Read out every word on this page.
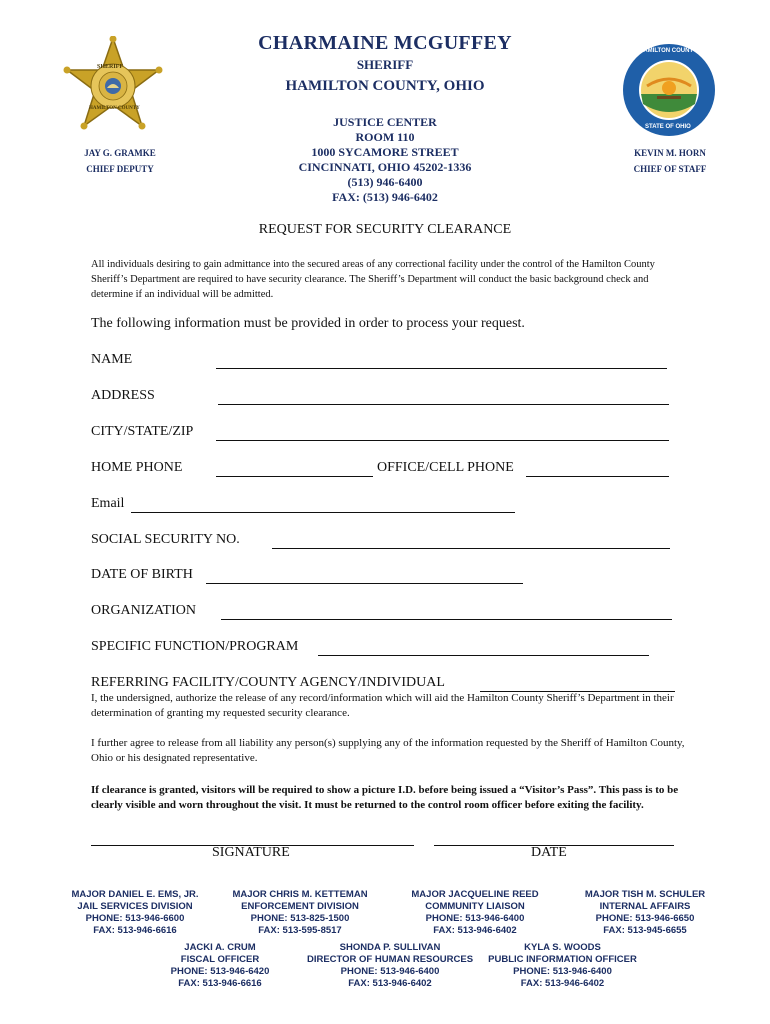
SHERIFF
HAMILTON COUNTY
HAMILTON COUNTY
STATE OF OHIO
CHARMAINE MCGUFFEY
SHERIFF
HAMILTON COUNTY, OHIO
JUSTICE CENTER
ROOM 110
1000 SYCAMORE STREET
CINCINNATI, OHIO 45202-1336
(513) 946-6400
FAX: (513) 946-6402
JAY G. GRAMKE
CHIEF DEPUTY
KEVIN M. HORN
CHIEF OF STAFF
REQUEST FOR SECURITY CLEARANCE
All individuals desiring to gain admittance into the secured areas of any correctional facility under the control of the Hamilton County Sheriff’s Department are required to have security clearance. The Sheriff’s Department will conduct the basic background check and determine if an individual will be admitted.
The following information must be provided in order to process your request.
NAME
ADDRESS
CITY/STATE/ZIP
HOME PHONE	OFFICE/CELL PHONE
Email
SOCIAL SECURITY NO.
DATE OF BIRTH
ORGANIZATION
SPECIFIC FUNCTION/PROGRAM
REFERRING FACILITY/COUNTY AGENCY/INDIVIDUAL
I, the undersigned, authorize the release of any record/information which will aid the Hamilton County Sheriff’s Department in their determination of granting my requested security clearance.
I further agree to release from all liability any person(s) supplying any of the information requested by the Sheriff of Hamilton County, Ohio or his designated representative.
If clearance is granted, visitors will be required to show a picture I.D. before being issued a “Visitor’s Pass”. This pass is to be clearly visible and worn throughout the visit. It must be returned to the control room officer before exiting the facility.
SIGNATURE	DATE
MAJOR DANIEL E. EMS, JR.
JAIL SERVICES DIVISION
PHONE: 513-946-6600
FAX: 513-946-6616
MAJOR CHRIS M. KETTEMAN
ENFORCEMENT DIVISION
PHONE: 513-825-1500
FAX: 513-595-8517
MAJOR JACQUELINE REED
COMMUNITY LIAISON
PHONE: 513-946-6400
FAX: 513-946-6402
MAJOR TISH M. SCHULER
INTERNAL AFFAIRS
PHONE: 513-946-6650
FAX: 513-945-6655
JACKI A. CRUM
FISCAL OFFICER
PHONE: 513-946-6420
FAX: 513-946-6616
SHONDA P. SULLIVAN
DIRECTOR OF HUMAN RESOURCES
PHONE: 513-946-6400
FAX: 513-946-6402
KYLA S. WOODS
PUBLIC INFORMATION OFFICER
PHONE: 513-946-6400
FAX: 513-946-6402
